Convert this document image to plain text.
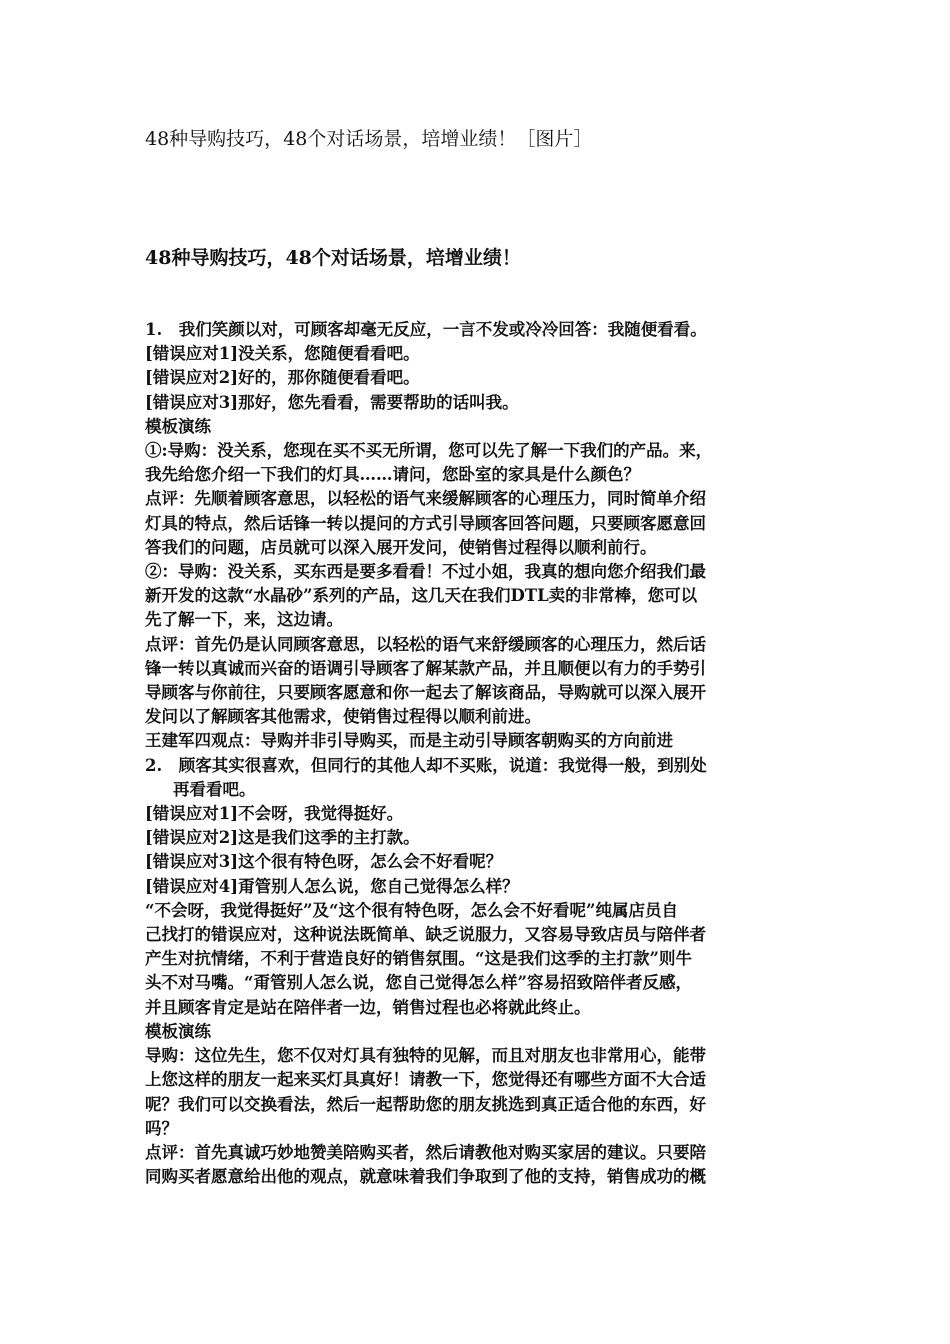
48种导购技巧，48个对话场景，培增业绩！［图片］
48种导购技巧，48个对话场景，培增业绩！
1.　我们笑颜以对，可顾客却毫无反应，一言不发或冷冷回答：我随便看看。
[错误应对1]没关系，您随便看看吧。
[错误应对2]好的，那你随便看看吧。
[错误应对3]那好，您先看看，需要帮助的话叫我。
模板演练
①:导购：没关系，您现在买不买无所谓，您可以先了解一下我们的产品。来，
我先给您介绍一下我们的灯具……请问，您卧室的家具是什么颜色？
点评：先顺着顾客意思，以轻松的语气来缓解顾客的心理压力，同时简单介绍
灯具的特点，然后话锋一转以提问的方式引导顾客回答问题，只要顾客愿意回
答我们的问题，店员就可以深入展开发问，使销售过程得以顺利前行。
②：导购：没关系，买东西是要多看看！不过小姐，我真的想向您介绍我们最
新开发的这款“水晶砂”系列的产品，这几天在我们DTL卖的非常棒，您可以
先了解一下，来，这边请。
点评：首先仍是认同顾客意思，以轻松的语气来舒缓顾客的心理压力，然后话
锋一转以真诚而兴奋的语调引导顾客了解某款产品，并且顺便以有力的手势引
导顾客与你前往，只要顾客愿意和你一起去了解该商品，导购就可以深入展开
发问以了解顾客其他需求，使销售过程得以顺利前进。
王建军四观点：导购并非引导购买，而是主动引导顾客朝购买的方向前进
2.　顾客其实很喜欢，但同行的其他人却不买账，说道：我觉得一般，到别处
再看看吧。
[错误应对1]不会呀，我觉得挺好。
[错误应对2]这是我们这季的主打款。
[错误应对3]这个很有特色呀，怎么会不好看呢？
[错误应对4]甭管别人怎么说，您自己觉得怎么样？
“不会呀，我觉得挺好”及“这个很有特色呀，怎么会不好看呢”纯属店员自
己找打的错误应对，这种说法既简单、缺乏说服力，又容易导致店员与陪伴者
产生对抗情绪，不利于营造良好的销售氛围。“这是我们这季的主打款”则牛
头不对马嘴。“甭管别人怎么说，您自己觉得怎么样”容易招致陪伴者反感，
并且顾客肯定是站在陪伴者一边，销售过程也必将就此终止。
模板演练
导购：这位先生，您不仅对灯具有独特的见解，而且对朋友也非常用心，能带
上您这样的朋友一起来买灯具真好！请教一下，您觉得还有哪些方面不大合适
呢？我们可以交换看法，然后一起帮助您的朋友挑选到真正适合他的东西，好
吗？
点评：首先真诚巧妙地赞美陪购买者，然后请教他对购买家居的建议。只要陪
同购买者愿意给出他的观点，就意味着我们争取到了他的支持，销售成功的概
